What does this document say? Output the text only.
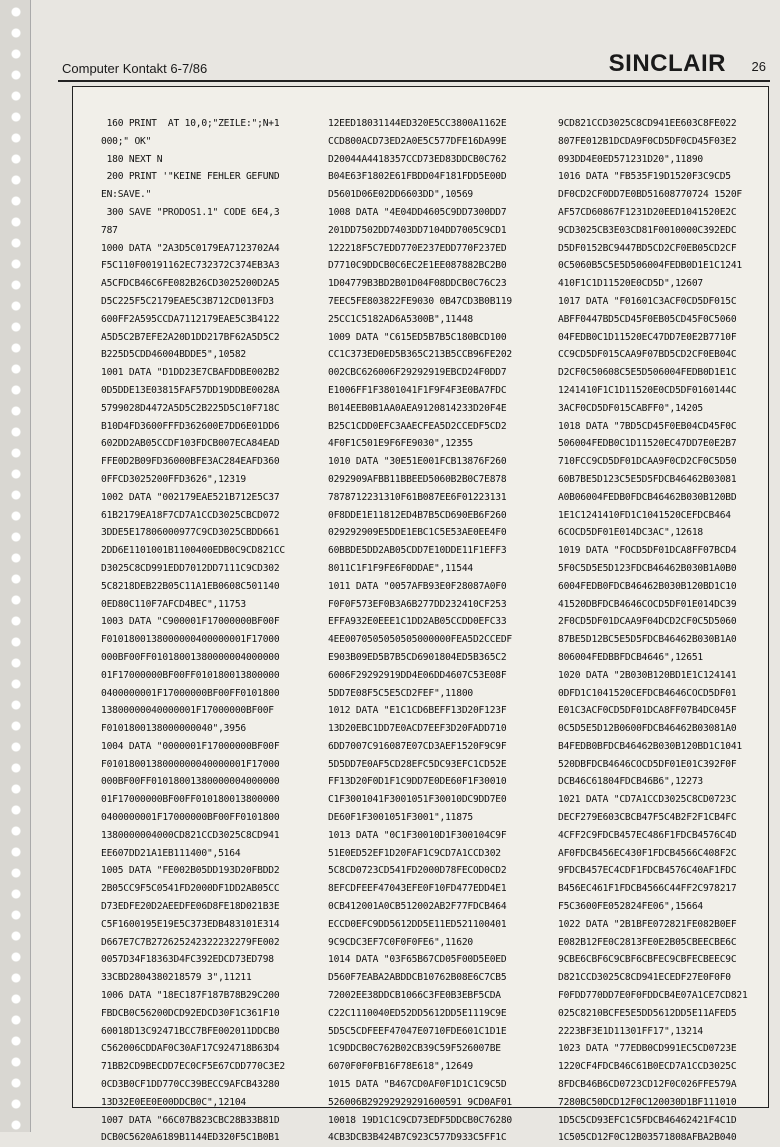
Computer Kontakt 6-7/86	SINCLAIR 26
160 PRINT  AT 10,0;"ZEILE:";N+1
000;" OK"
180 NEXT N
200 PRINT '"KEINE FEHLER GEFUND
EN:SAVE."
300 SAVE "PRODOS1.1" CODE 6E4,3
787
1000 DATA "2A3D5C0179EA7123702A4
F5C110F00191162EC732372C374EB3A3
A5CFDCB46C6FE082B26CD3025200D2A5
D5C225F5C2179EAE5C3B712CD013FD3
600FF2A595CCDA7112179EAE5C3B4122
A5D5C2B7EFE2A20D1DD217BF62A5D5C2
B225D5CDD46004BDDE5",10582
1001 DATA "D1DD23E7CBAFDDBE002B2
0D5DDE13E03815FAF57DD19DDBE0028A
5799028D4472A5D5C2B225D5C10F718C
B10D4FD3600FFFD362600E7DD6E01DD6
602DD2AB05CCDF103FDCB007ECA84EAD
FFE0D2B09FD36000BFE3AC284EAFD360
0FFCD3025200FFD3626",12319
1002 DATA "002179EAE521B712E5C37
61B2179EA18F7CD7A1CCD3025CBCD072
3DDE5E17806000977C9CD3025CBDD661
2DD6E1101001B1100400EDB0C9CD821CC
D3025C8CD991EDD7012DD7111C9CD302
5C8218DEB22B05C11A1EB0608C501140
0ED80C110F7AFCD4BEC",11753
1003 DATA "C900001F17000000BF00F
F0101800138000000400000001F17000
000BF00FF01018001380000004000000
01F17000000BF00FF010180013800000
0400000001F17000000BF00FF0101800
13800000040000001F17000000BF00F
F0101800138000000040",3956
1004 DATA "0000001F17000000BF00F
F0101800138000000040000001F17000
000BF00FF01018001380000004000000
01F17000000BF00FF010180013800000
0400000001F17000000BF00FF0101800
1380000004000CD821CCD3025C8CD941
EE607DD21A1EB111400",5164
1005 DATA "FE002B05DD193D20FBDD2
2B05CC9F5C0541FD2000DF1DD2AB05CC
D73EDFE20D2AEEDFE06D8FE18D021B3E
C5F1600195E19E5C373EDB483101E314
D667E7C7B272625242322232279FE002
0057D34F18363D4FC392EDCD73ED798
33CBD2804380218579 3",11211
1006 DATA "18EC187F187B78B29C200
FBDCB0C56200DCD92EDCD30F1C361F10
60018D13C92471BCC7BFE002011DDCB0
C562006CDDAF0C30AF17C924718B63D4
71BB2CD9BECDD7EC0CF5E67CDD770C3E2
0CD3B0CF1DD770CC39BECC9AFCB43280
13D32E0EE0E00DDCB0C",12104
1007 DATA "66C07B823CBC28B33B81D
DCB0C5620A6189B1144ED320F5C1B0B1
12EED18031144ED320E5CC3800A1162E
CCD800ACD73ED2A0E5C577DFE16DA99E
D20044A4418357CCD73ED83DDCB0C762
B04E63F1802E61FBDD04F181FDD5E00D
D5601D06E02DD6603DD",10569
1008 DATA "4E04DD4605C9DD7300DD7
201DD7502DD7403DD7104DD7005C9CD1
122218F5C7EDD770E237EDD770F237ED
D7710C9DDCB0C6EC2E1EE087882BC2B0
1D04779B3BD2B01D04F08DDCB0C76C23
7EEC5FE803822FE9030 0B47CD3B0B119
25CC1C5182AD6A5300B",11448
1009 DATA "C615ED5B7B5C180BCD100
CC1C373ED0ED5B365C213B5CCB96FE202
002CBC626006F29292919EBCD24F0DD7
E1006FF1F3801041F1F9F4F3E0BA7FDC
B014EEB0B1AA0AEA9120814233D20F4E
B25C1CDD0EFC3AAECFEA5D2CCEDF5CD2
4F0F1C501E9F6FE9030",12355
1010 DATA "30E51E001FCB13876F260
0292909AFBB11BBEED5060B2B0C7E878
7878712231310F61B087EE6F01223131
0F8DDE1E11812ED4B7B5CD690EB6F260
029292909E5DDE1EBC1C5E53AE0EE4F0
60BBDE5DD2AB05CDD7E10DDE11F1EFF3
8011C1F1F9FE6F0DDAE",11544
1011 DATA "0057AFB93E0F28087A0F0
F0F0F573EF0B3A6B277DD232410CF253
EFFA932E0EEE1C1DD2AB05CCDD0EFC33
4EE0070505050505000000FEA5D2CCEDF
E903B09ED5B7B5CD6901804ED5B365C2
6006F29292919DD4E06DD4607C53E08F
5DD7E08F5C5E5CD2FEF",11800
1012 DATA "E1C1CD6BEFF13D20F123F
13D20EBC1DD7E0ACD7EEF3D20FADD710
6DD7007C916087E07CD3AEF1520F9C9F
5D5DD7E0AF5CD28EFC5DC93EFC1CD52E
FF13D20F0D1F1C9DD7E0DE60F1F30010
C1F3001041F3001051F30010DC9DD7E0
DE60F1F3001051F3001",11875
1013 DATA "0C1F30010D1F300104C9F
51E0ED52EF1D20FAF1C9CD7A1CCD302
5C8CD0723CD541FD2000D78FECOD0CD2
8EFCDFEEF47043EFE0F10FD477EDD4E1
0CB412001A0CB512002AB2F77FDCB464
ECCD0EFC9DD5612DD5E11ED521100401
9C9CDC3EF7C0F0F0FE6",11620
1014 DATA "03F65B67CD05F00D5E0ED
D560F7EABA2ABDDCB10762B08E6C7CB5
72002EE38DDCB1066C3FE0B3EBF5CDA
C22C1110040ED52DD5612DD5E1119C9E
5D5C5CDFEEF47047E0710FDE601C1D1E
1C9DDCB0C762B02CB39C59F526007BE
6070F0F0FB16F78E618",12649
1015 DATA "B467CD0AF0F1D1C1C9C5D
526006B29292929291600591 9CD0AF01
10018 19D1C1C9CD73EDF5DDCB0C76280
4CB3DCB3B424B7C923C577D933C5FF1C
9CD821CCD3025C8CD941EE603C8FE022
807FE012B1DCDA9F0CD5DF0CD45F03E2
093DD4E0ED571231D20",11890
1016 DATA "FB535F19D1520F3C9CD5
DF0CD2CF0DD7E0BD51608770724 1520F
AF57CD60867F1231D20EED1041520E2C
9CD3025CB3E03CD81F0010000C392EDC
D5DF0152BC9447BD5CD2CF0EB05CD2CF
0C5060B5C5E5D506004FEDB0D1E1C1241
410F1C1D11520E0CD5D",12607
1017 DATA "F01601C3ACF0CD5DF015C
ABFF0447BD5CD45F0EB05CD45F0C5060
04FEDB0C1D11520EC47DD7E0E2B7710F
CC9CD5DF015CAA9F07BD5CD2CF0EB04C
D2CF0C50608C5E5D506004FEDB0D1E1C
1241410F1C1D11520E0CD5DF0160144C
3ACF0CD5DF015CABFF0",14205
1018 DATA "7BD5CD45F0EB04CD45F0C
506004FEDB0C1D11520EC47DD7E0E2B7
710FCC9CD5DF01DCAA9F0CD2CF0C5D50
60B7BE5D123C5E5D5FDCB46462B03081
A0B06004FEDB0FDCB46462B030B120BD
1E1C1241410FD1C1041520CEFDCB464
6COCD5DF01E014DC3AC",12618
1019 DATA "FOCD5DF01DCA8FF07BCD4
5F0C5D5E5D123FDCB46462B030B1A0B0
6004FEDB0FDCB46462B030B120BD1C10
41520DBFDCB4646COCD5DF01E014DC39
2F0CD5DF01DCAA9F04DCD2CF0C5D5060
87BE5D12BC5E5D5FDCB46462B030B1A0
806004FEDBBFDCB4646",12651
1020 DATA "2B030B120BD1E1C124141
0DFD1C1041520CEFDCB4646COCD5DF01
E01C3ACF0CD5DF01DCA8FF07B4DC045F
0C5D5E5D12B0600FDCB46462B03081A0
B4FEDB0BFDCB46462B030B120BD1C1041
520DBFDCB4646COCD5DF01E01C392F0F
DCB46C61804FDCB46B6",12273
1021 DATA "CD7A1CCD3025C8CD0723C
DECF279E603CBCB47F5C4B2F2F1CB4FC
4CFF2C9FDCB457EC486F1FDCB4576C4D
AF0FDCB456EC430F1FDCB4566C408F2C
9FDCB457EC4CDF1FDCB4576C40AF1FDC
B456EC461F1FDCB4566C44FF2C978217
F5C3600FE052824FE06",15664
1022 DATA "2B1BFE072821FE082B0EF
E082B12FE0C2813FE0E2B05CBEECBE6C
9CBE6CBF6C9CBF6CBFEC9CBFECBEEC9C
D821CCD3025C8CD941ECEDF27E0F0F0
F0FDD770DD7E0F0FDDCB4E07A1CE7CD821
025C8210BCFE5E5DD5612DD5E11AFED5
2223BF3E1D11301FF17",13214
1023 DATA "77EDB0CD991EC5CD0723E
1220CF4FDCB46C61B0ECD7A1CCD3025C
8FDCB46B6CD0723CD12F0C026FFE579A
7280BC50DCD12F0C120030D1BF111010
1D5C5CD93EFC1C5FDCB46462421F4C1D
1C505CD12F0C12B03571808AFBA2B040
